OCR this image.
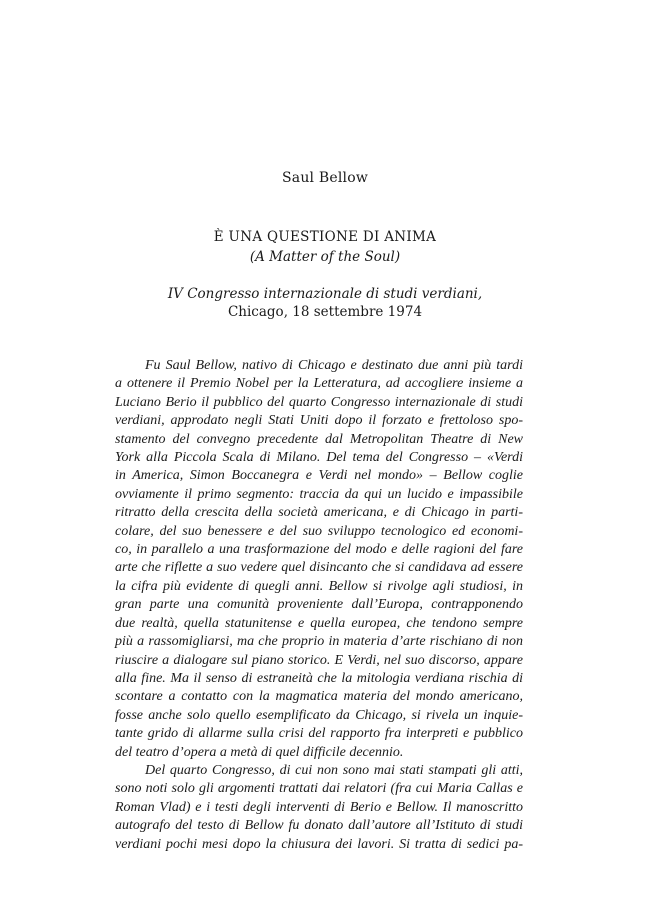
Saul Bellow
È UNA QUESTIONE DI ANIMA
(A Matter of the Soul)
IV Congresso internazionale di studi verdiani,
Chicago, 18 settembre 1974
Fu Saul Bellow, nativo di Chicago e destinato due anni più tardi
a ottenere il Premio Nobel per la Letteratura, ad accogliere insieme a
Luciano Berio il pubblico del quarto Congresso internazionale di studi
verdiani, approdato negli Stati Uniti dopo il forzato e frettoloso spo-
stamento del convegno precedente dal Metropolitan Theatre di New
York alla Piccola Scala di Milano. Del tema del Congresso – «Verdi
in America, Simon Boccanegra e Verdi nel mondo» – Bellow coglie
ovviamente il primo segmento: traccia da qui un lucido e impassibile
ritratto della crescita della società americana, e di Chicago in parti-
colare, del suo benessere e del suo sviluppo tecnologico ed economi-
co, in parallelo a una trasformazione del modo e delle ragioni del fare
arte che riflette a suo vedere quel disincanto che si candidava ad essere
la cifra più evidente di quegli anni. Bellow si rivolge agli studiosi, in
gran parte una comunità proveniente dall’Europa, contrapponendo
due realtà, quella statunitense e quella europea, che tendono sempre
più a rassomigliarsi, ma che proprio in materia d’arte rischiano di non
riuscire a dialogare sul piano storico. E Verdi, nel suo discorso, appare
alla fine. Ma il senso di estraneità che la mitologia verdiana rischia di
scontare a contatto con la magmatica materia del mondo americano,
fosse anche solo quello esemplificato da Chicago, si rivela un inquie-
tante grido di allarme sulla crisi del rapporto fra interpreti e pubblico
del teatro d’opera a metà di quel difficile decennio.
Del quarto Congresso, di cui non sono mai stati stampati gli atti,
sono noti solo gli argomenti trattati dai relatori (fra cui Maria Callas e
Roman Vlad) e i testi degli interventi di Berio e Bellow. Il manoscritto
autografo del testo di Bellow fu donato dall’autore all’Istituto di studi
verdiani pochi mesi dopo la chiusura dei lavori. Si tratta di sedici pa-
